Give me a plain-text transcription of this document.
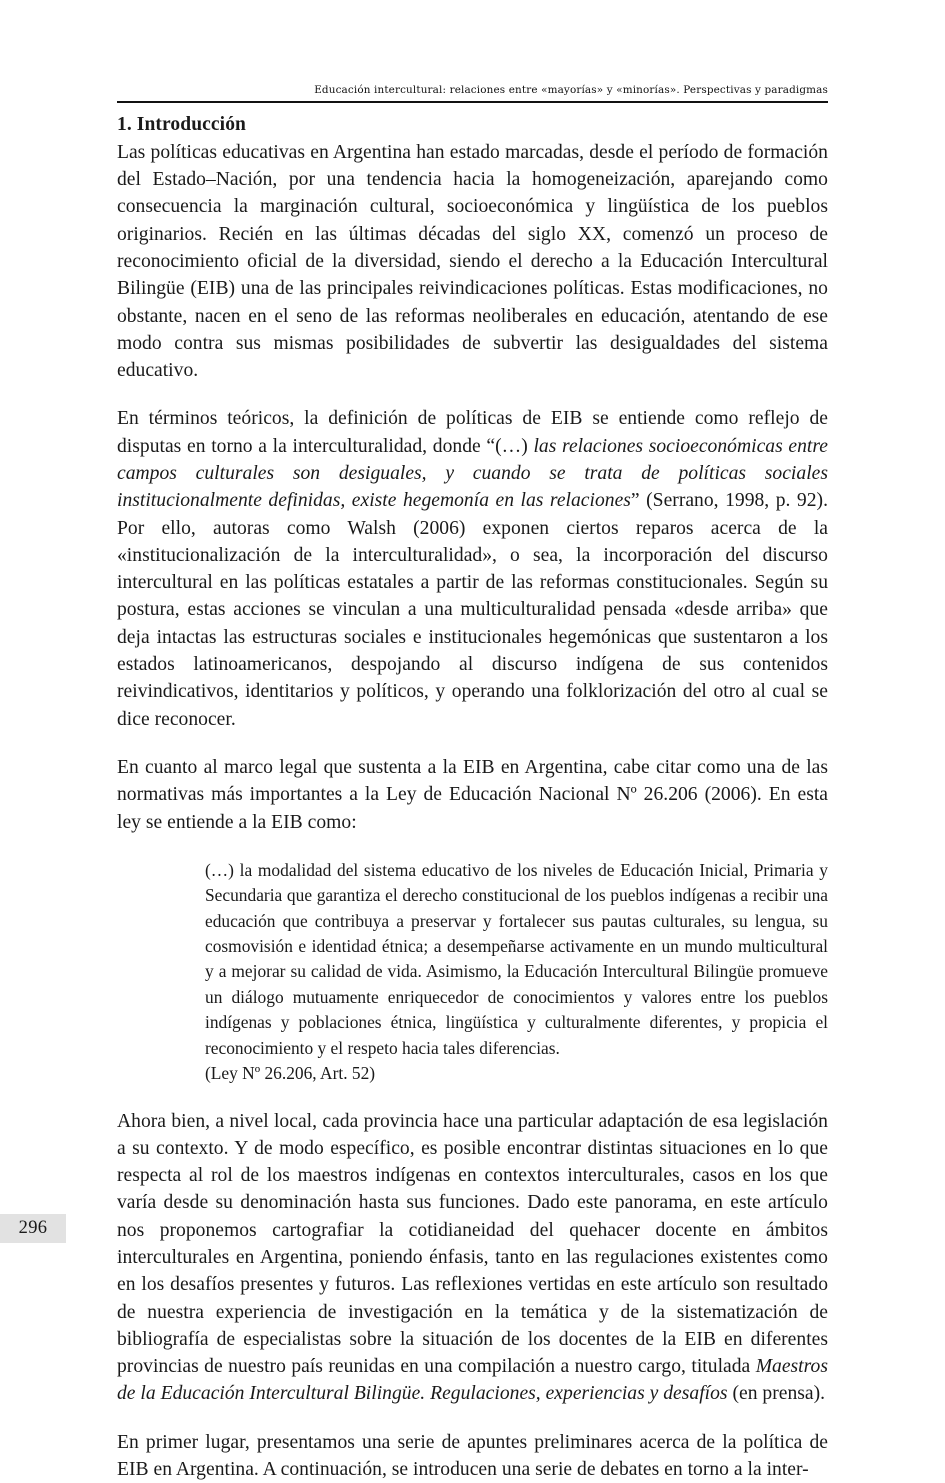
Educación intercultural: relaciones entre «mayorías» y «minorías». Perspectivas y paradigmas
1. Introducción

Las políticas educativas en Argentina han estado marcadas, desde el período de formación del Estado–Nación, por una tendencia hacia la homogeneización, aparejando como consecuencia la marginación cultural, socioeconómica y lingüística de los pueblos originarios. Recién en las últimas décadas del siglo XX, comenzó un proceso de reconocimiento oficial de la diversidad, siendo el derecho a la Educación Intercultural Bilingüe (EIB) una de las principales reivindicaciones políticas. Estas modificaciones, no obstante, nacen en el seno de las reformas neoliberales en educación, atentando de ese modo contra sus mismas posibilidades de subvertir las desigualdades del sistema educativo.

En términos teóricos, la definición de políticas de EIB se entiende como reflejo de disputas en torno a la interculturalidad, donde “(…) las relaciones socioeconómicas entre campos culturales son desiguales, y cuando se trata de políticas sociales institucionalmente definidas, existe hegemonía en las relaciones” (Serrano, 1998, p. 92). Por ello, autoras como Walsh (2006) exponen ciertos reparos acerca de la «institucionalización de la interculturalidad», o sea, la incorporación del discurso intercultural en las políticas estatales a partir de las reformas constitucionales. Según su postura, estas acciones se vinculan a una multiculturalidad pensada «desde arriba» que deja intactas las estructuras sociales e institucionales hegemónicas que sustentaron a los estados latinoamericanos, despojando al discurso indígena de sus contenidos reivindicativos, identitarios y políticos, y operando una folklorización del otro al cual se dice reconocer.

En cuanto al marco legal que sustenta a la EIB en Argentina, cabe citar como una de las normativas más importantes a la Ley de Educación Nacional Nº 26.206 (2006). En esta ley se entiende a la EIB como:

(…) la modalidad del sistema educativo de los niveles de Educación Inicial, Primaria y Secundaria que garantiza el derecho constitucional de los pueblos indígenas a recibir una educación que contribuya a preservar y fortalecer sus pautas culturales, su lengua, su cosmovisión e identidad étnica; a desempeñarse activamente en un mundo multicultural y a mejorar su calidad de vida. Asimismo, la Educación Intercultural Bilingüe promueve un diálogo mutuamente enriquecedor de conocimientos y valores entre los pueblos indígenas y poblaciones étnica, lingüística y culturalmente diferentes, y propicia el reconocimiento y el respeto hacia tales diferencias.

(Ley Nº 26.206, Art. 52)

Ahora bien, a nivel local, cada provincia hace una particular adaptación de esa legislación a su contexto. Y de modo específico, es posible encontrar distintas situaciones en lo que respecta al rol de los maestros indígenas en contextos interculturales, casos en los que varía desde su denominación hasta sus funciones. Dado este panorama, en este artículo nos proponemos cartografiar la cotidianeidad del quehacer docente en ámbitos interculturales en Argentina, poniendo énfasis, tanto en las regulaciones existentes como en los desafíos presentes y futuros. Las reflexiones vertidas en este artículo son resultado de nuestra experiencia de investigación en la temática y de la sistematización de bibliografía de especialistas sobre la situación de los docentes de la EIB en diferentes provincias de nuestro país reunidas en una compilación a nuestro cargo, titulada Maestros de la Educación Intercultural Bilingüe. Regulaciones, experiencias y desafíos (en prensa).

En primer lugar, presentamos una serie de apuntes preliminares acerca de la política de EIB en Argentina. A continuación, se introducen una serie de debates en torno a la inter-

296
